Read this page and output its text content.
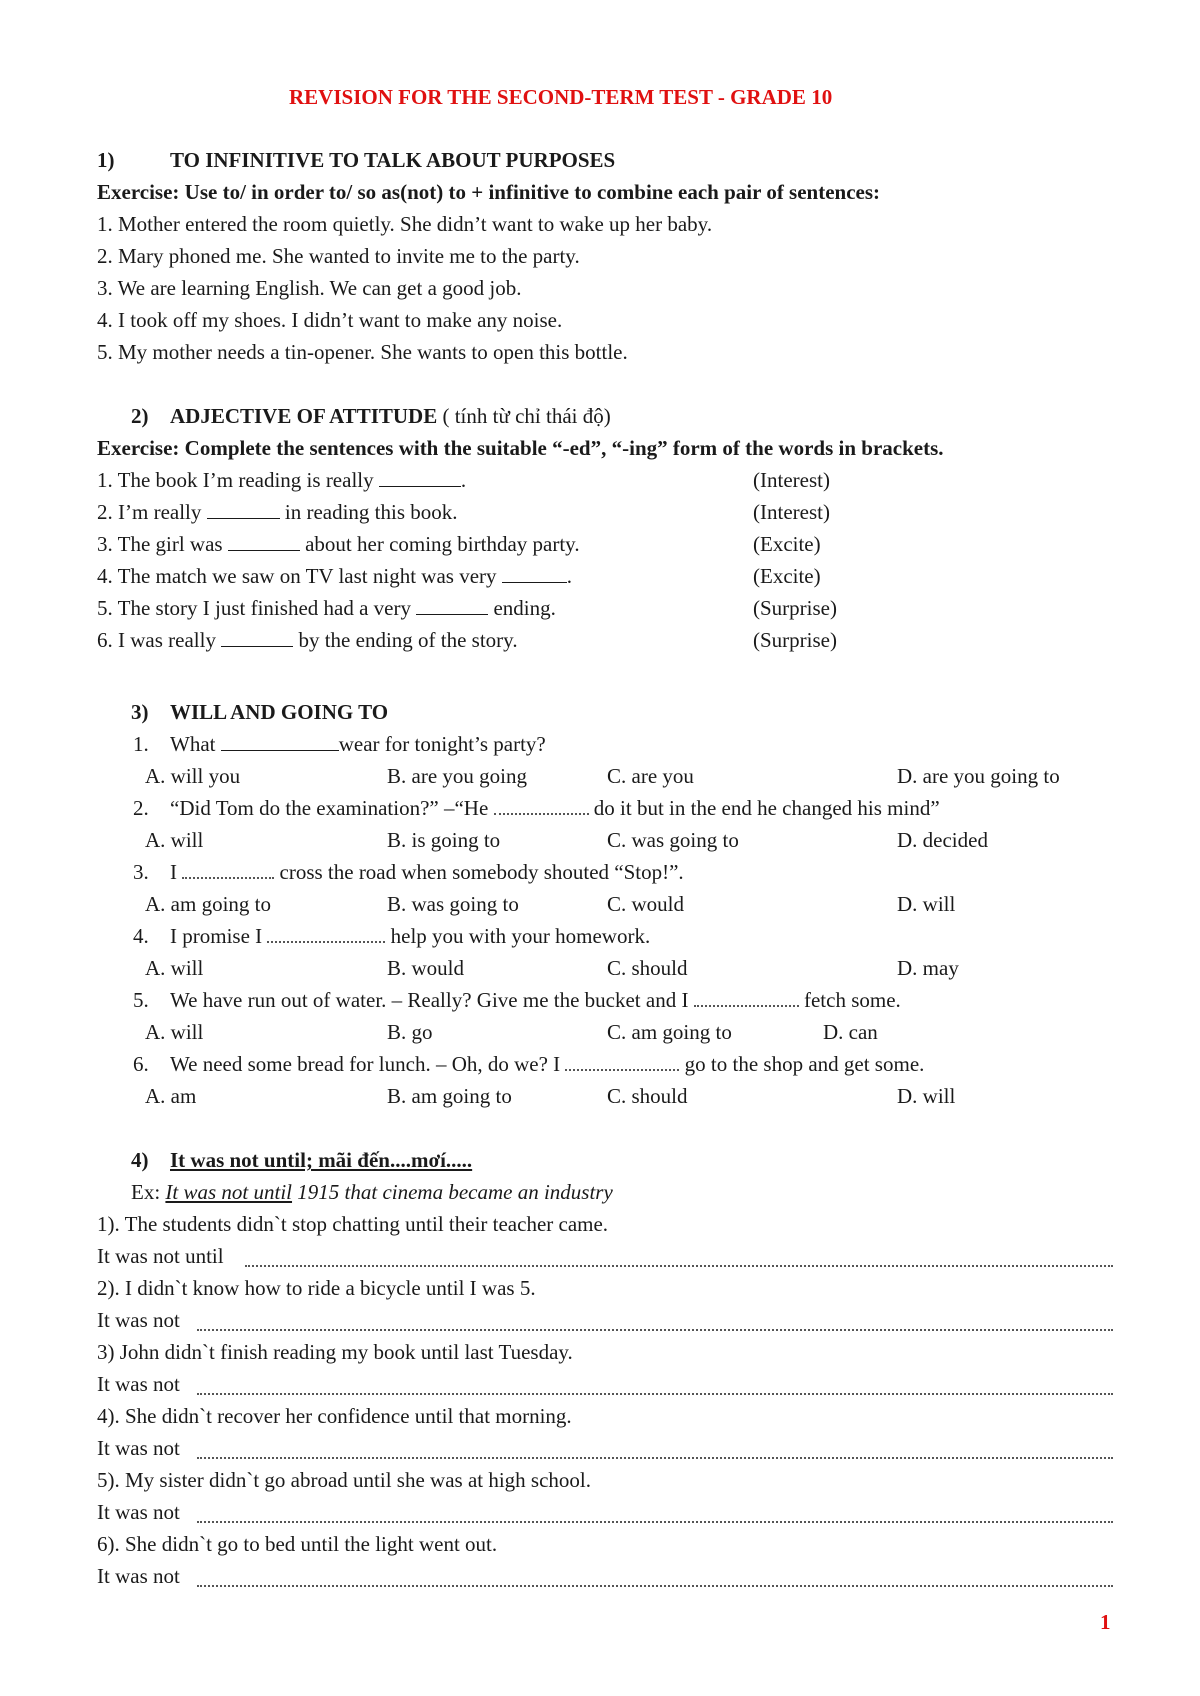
REVISION FOR THE SECOND-TERM TEST - GRADE 10
1)	TO INFINITIVE TO TALK ABOUT PURPOSES
Exercise: Use to/ in order to/ so as(not) to + infinitive to combine each pair of sentences:
1. Mother entered the room quietly. She didn’t want to wake up her baby.
2. Mary phoned me. She wanted to invite me to the party.
3. We are learning English. We can get a good job.
4. I took off my shoes. I didn’t want to make any noise.
5. My mother needs a tin-opener. She wants to open this bottle.
2) ADJECTIVE OF ATTITUDE ( tính từ chỉ thái độ)
Exercise: Complete the sentences with the suitable “-ed”, “-ing” form of the words in brackets.
1. The book I’m reading is really	.	(Interest)
2. I’m really	in reading this book.	(Interest)
3. The girl was	about her coming birthday party.	(Excite)
4. The match we saw on TV last night was very	.	(Excite)
5. The story I just finished had a very	ending.	(Surprise)
6. I was really	by the ending of the story.	(Surprise)
3) WILL AND GOING TO
1. What	wear for tonight’s party?
A. will you	B. are you going	C. are you	D. are you going to
2. “Did Tom do the examination?” –“He	do it but in the end he changed his mind”
A. will	B. is going to	C. was going to	D. decided
3. I	cross the road when somebody shouted “Stop!”.
A. am going to	B. was going to	C. would	D. will
4. I promise I	help you with your homework.
A. will	B. would	C. should	D. may
5. We have run out of water. – Really? Give me the bucket and I	fetch some.
A. will	B. go	C. am going to	D. can
6. We need some bread for lunch. – Oh, do we? I	go to the shop and get some.
A. am	B. am going to	C. should	D. will
4) It was not until; mãi đến....mơí.....
Ex: It was not until 1915 that cinema became an industry
1). The students didn`t stop chatting until their teacher came.
It was not until
2). I didn`t know how to ride a bicycle until I was 5.
It was not
3) John didn`t finish reading my book until last Tuesday.
It was not
4). She didn`t recover her confidence until that morning.
It was not
5). My sister didn`t go abroad until she was at high school.
It was not
6). She didn`t go to bed until the light went out.
It was not
1
